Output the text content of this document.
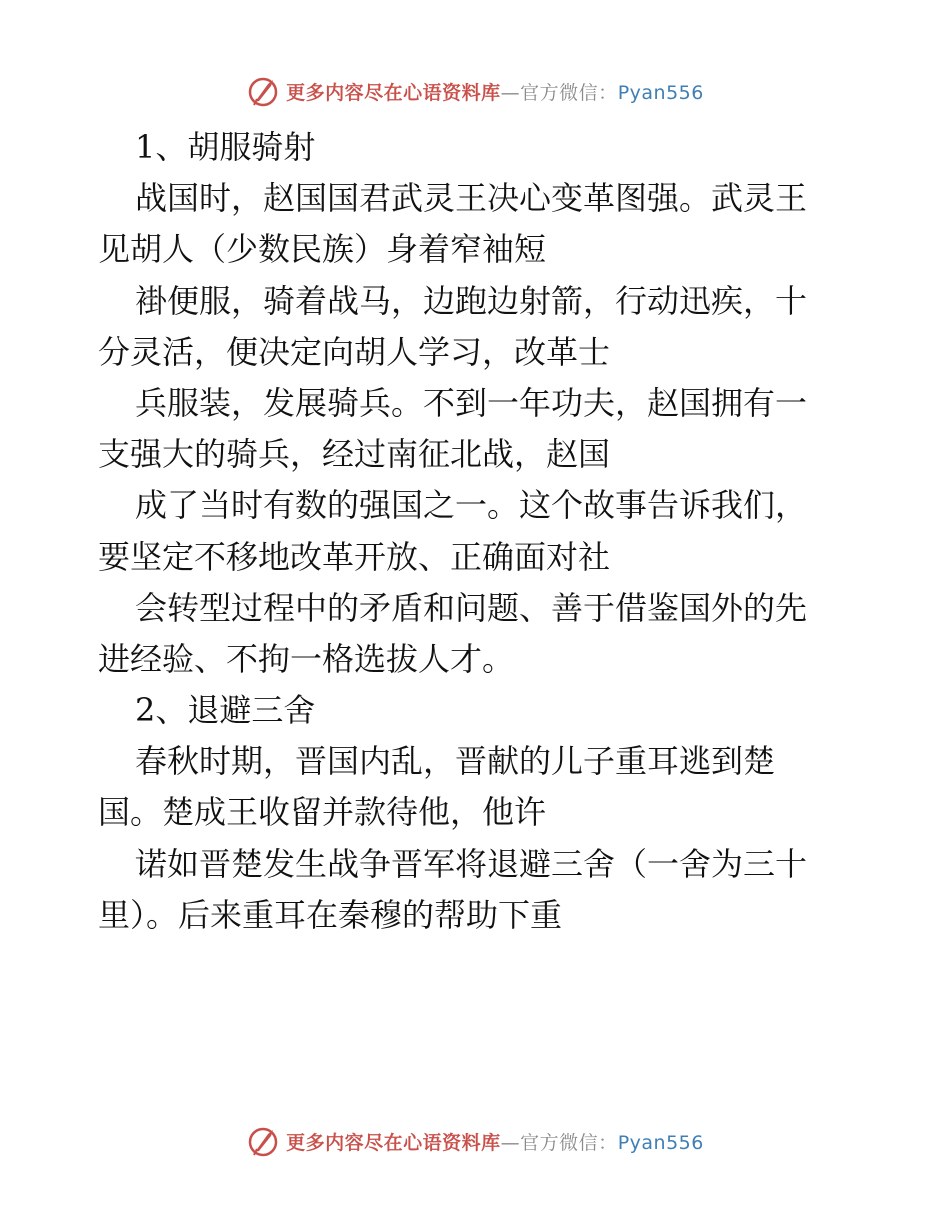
更多内容尽在心语资料库—官方微信：Pyan556
1、胡服骑射
战国时，赵国国君武灵王决心变革图强。武灵王
见胡人（少数民族）身着窄袖短
褂便服，骑着战马，边跑边射箭，行动迅疾，十
分灵活，便决定向胡人学习，改革士
兵服装，发展骑兵。不到一年功夫，赵国拥有一
支强大的骑兵，经过南征北战，赵国
成了当时有数的强国之一。这个故事告诉我们，
要坚定不移地改革开放、正确面对社
会转型过程中的矛盾和问题、善于借鉴国外的先
进经验、不拘一格选拔人才。
2、退避三舍
春秋时期，晋国内乱，晋献的儿子重耳逃到楚
国。楚成王收留并款待他，他许
诺如晋楚发生战争晋军将退避三舍（一舍为三十
里）。后来重耳在秦穆的帮助下重
更多内容尽在心语资料库—官方微信：Pyan556
